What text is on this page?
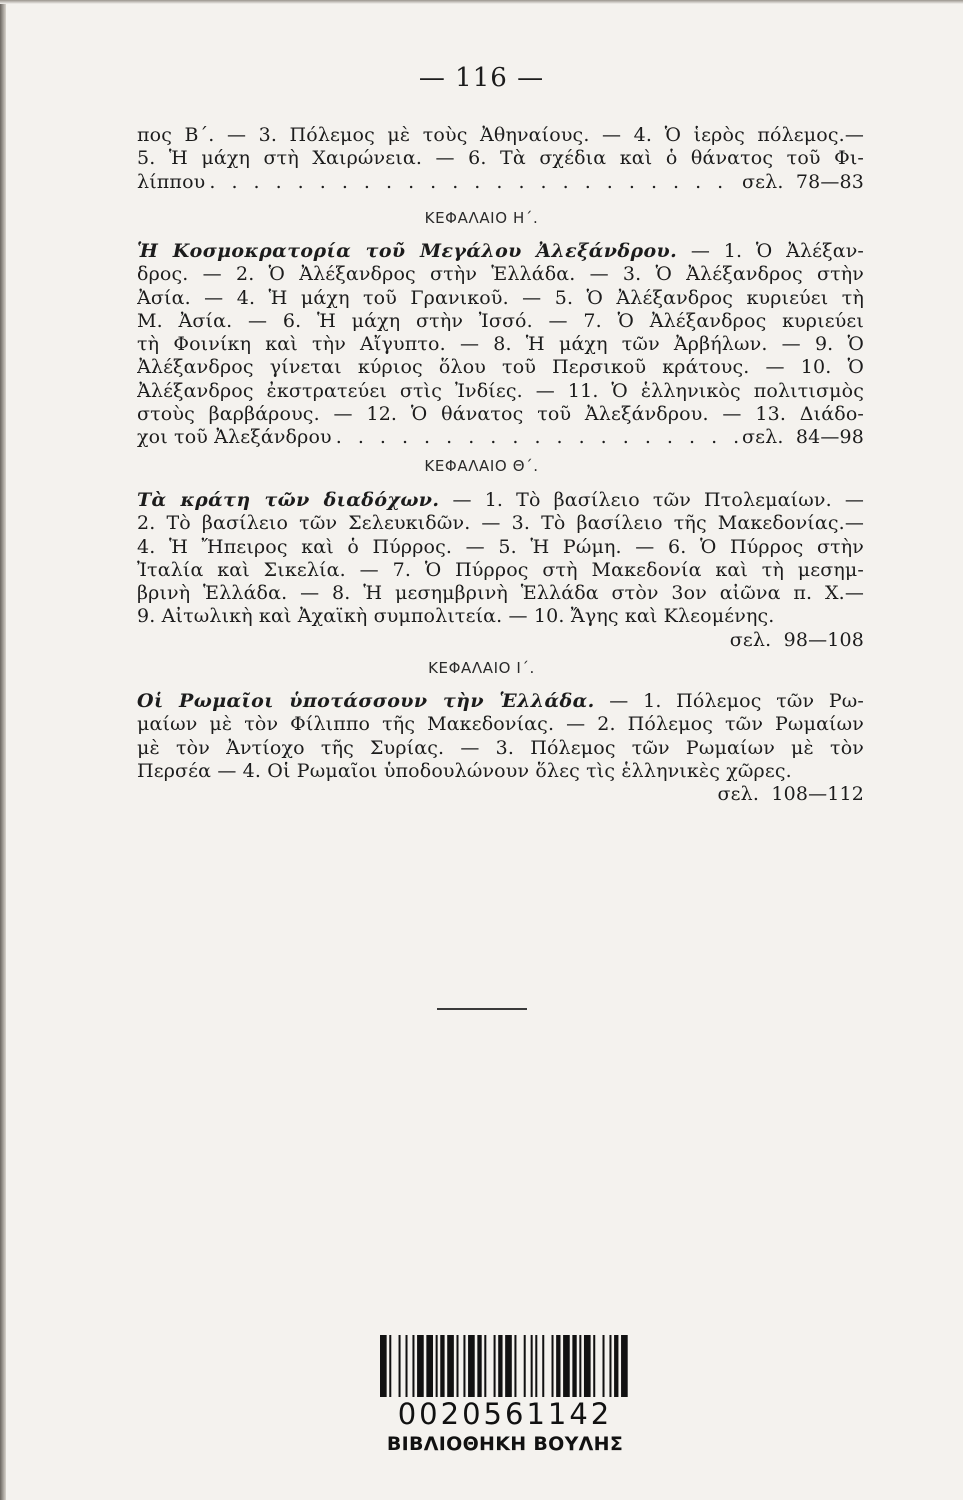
— 116 —
πος Β΄. — 3. Πόλεμος μὲ τοὺς Ἀθηναίους. — 4. Ὁ ἱερὸς πόλεμος.—
5. Ἡ μάχη στὴ Χαιρώνεια. — 6. Τὰ σχέδια καὶ ὁ θάνατος τοῦ Φι-
λίππου . . .	σελ.  78—83
ΚΕΦΑΛΑΙΟ Η΄.
Ἡ Κοσμοκρατορία τοῦ Μεγάλου Ἀλεξάνδρου. — 1. Ὁ Ἀλέξαν-
δρος. — 2. Ὁ Ἀλέξανδρος στὴν Ἑλλάδα. — 3. Ὁ Ἀλέξανδρος στὴν
Ἀσία. — 4. Ἡ μάχη τοῦ Γρανικοῦ. — 5. Ὁ Ἀλέξανδρος κυριεύει τὴ
Μ. Ἀσία. — 6. Ἡ μάχη στὴν Ἰσσό. — 7. Ὁ Ἀλέξανδρος κυριεύει
τὴ Φοινίκη καὶ τὴν Αἴγυπτο. — 8. Ἡ μάχη τῶν Ἀρβήλων. — 9. Ὁ
Ἀλέξανδρος γίνεται κύριος ὅλου τοῦ Περσικοῦ κράτους. — 10. Ὁ
Ἀλέξανδρος ἐκστρατεύει στὶς Ἰνδίες. — 11. Ὁ ἑλληνικὸς πολιτισμὸς
στοὺς βαρβάρους. — 12. Ὁ θάνατος τοῦ Ἀλεξάνδρου. — 13. Διάδο-
χοι τοῦ Ἀλεξάνδρου . . .	σελ.  84—98
ΚΕΦΑΛΑΙΟ Θ΄.
Τὰ κράτη τῶν διαδόχων. — 1. Τὸ βασίλειο τῶν Πτολεμαίων. —
2. Τὸ βασίλειο τῶν Σελευκιδῶν. — 3. Τὸ βασίλειο τῆς Μακεδονίας.—
4. Ἡ Ἤπειρος καὶ ὁ Πύρρος. — 5. Ἡ Ρώμη. — 6. Ὁ Πύρρος στὴν
Ἰταλία καὶ Σικελία. — 7. Ὁ Πύρρος στὴ Μακεδονία καὶ τὴ μεσημ-
βρινὴ Ἑλλάδα. — 8. Ἡ μεσημβρινὴ Ἑλλάδα στὸν 3ον αἰῶνα π. Χ.—
9. Αἰτωλικὴ καὶ Ἀχαϊκὴ συμπολιτεία. — 10. Ἄγης καὶ Κλεομένης.
σελ.  98—108
ΚΕΦΑΛΑΙΟ Ι΄.
Οἱ Ρωμαῖοι ὑποτάσσουν τὴν Ἑλλάδα. — 1. Πόλεμος τῶν Ρω-
μαίων μὲ τὸν Φίλιππο τῆς Μακεδονίας. — 2. Πόλεμος τῶν Ρωμαίων
μὲ τὸν Ἀντίοχο τῆς Συρίας. — 3. Πόλεμος τῶν Ρωμαίων μὲ τὸν
Περσέα — 4. Οἱ Ρωμαῖοι ὑποδουλώνουν ὅλες τὶς ἑλληνικὲς χῶρες.
σελ.  108—112
0020561142
ΒΙΒΛΙΟΘΗΚΗ ΒΟΥΛΗΣ
